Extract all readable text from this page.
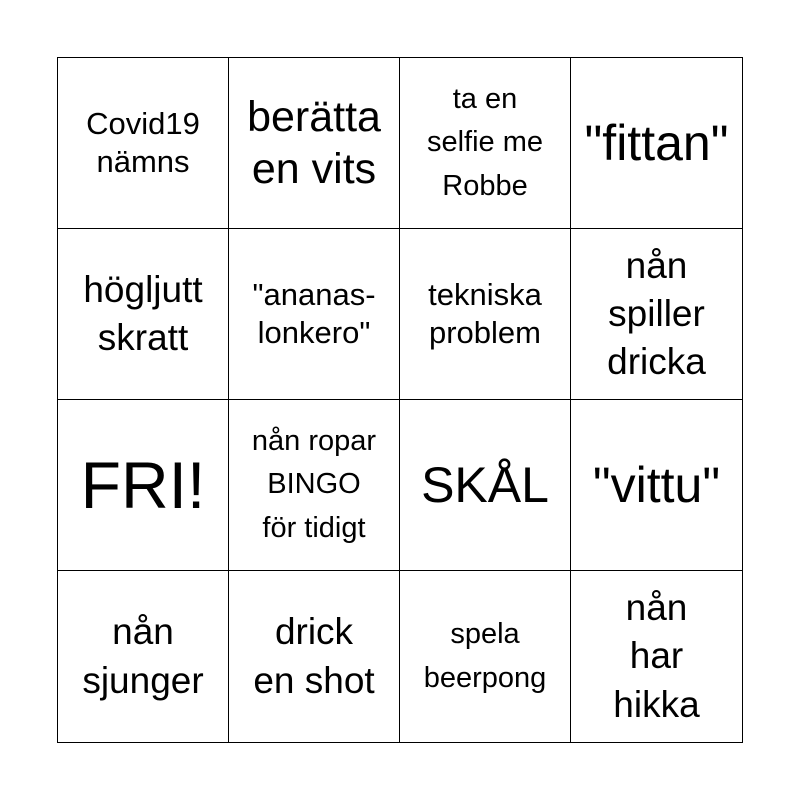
Covid19
nämns
berätta
en vits
ta en
selfie me
Robbe
"fittan"
högljutt
skratt
"ananas-
lonkero"
tekniska
problem
nån
spiller
dricka
FRI!
nån ropar
BINGO
för tidigt
SKÅL "vittu"
nån
sjunger
drick
en shot
spela
beerpong
nån
har
hikka
